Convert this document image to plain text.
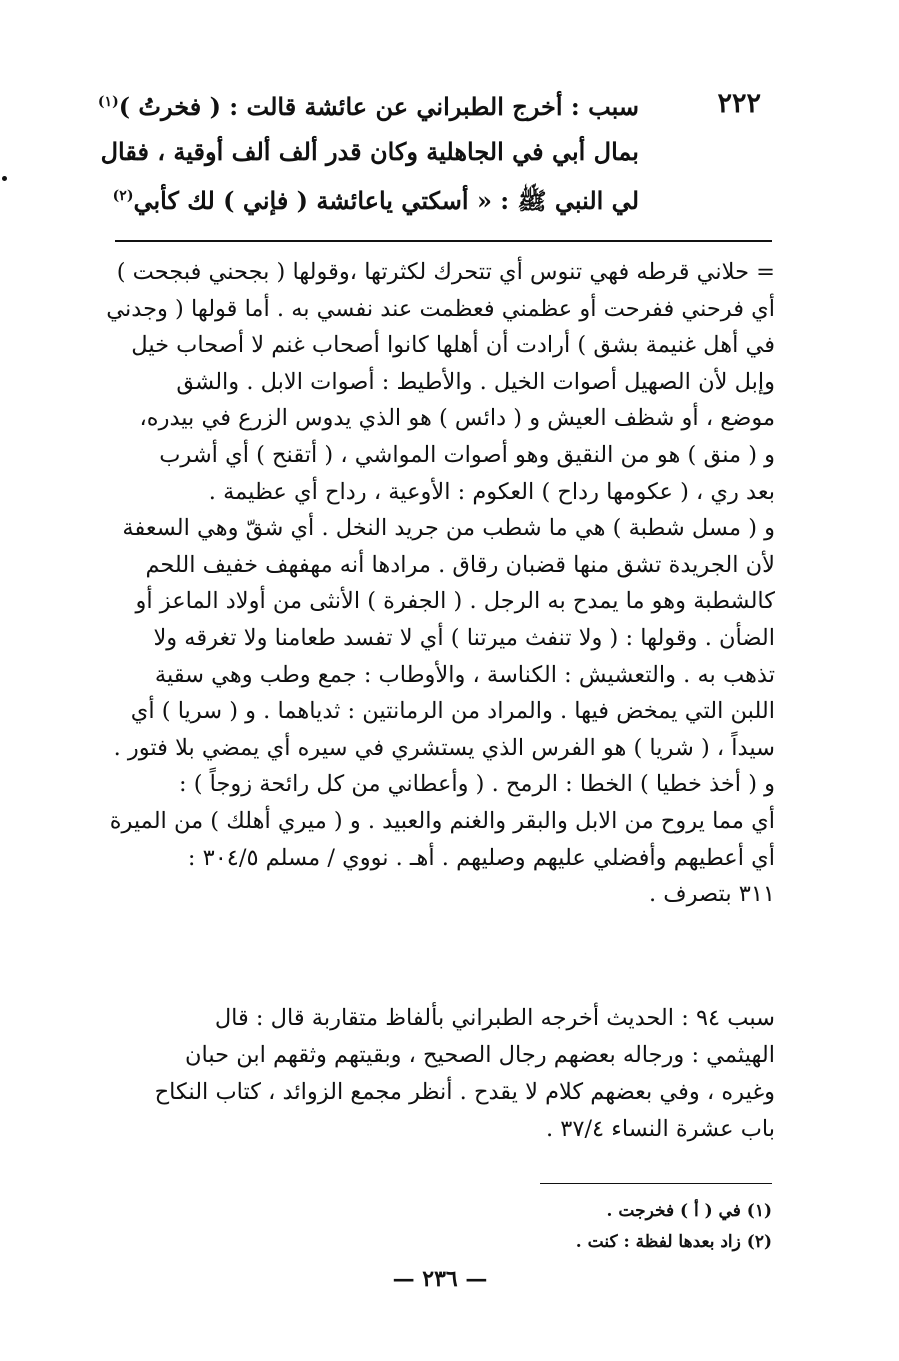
٢٢٢
سبب : أخرج الطبراني عن عائشة قالت : ( فخرتُ )$^{(١)}$
بمال أبي في الجاهلية وكان قدر ألف ألف أوقية ، فقال
لي النبي ﷺ : « أسكتي ياعائشة ( فإني ) لك كأبي$^{(٢)}$
= حلاني قرطه فهي تنوس أي تتحرك لكثرتها ،وقولها ( بجحني فبجحت )
أي فرحني ففرحت أو عظمني فعظمت عند نفسي به . أما قولها ( وجدني
في أهل غنيمة بشق ) أرادت أن أهلها كانوا أصحاب غنم لا أصحاب خيل
وإبل لأن الصهيل أصوات الخيل . والأطيط : أصوات الابل . والشق
موضع ، أو شظف العيش و ( دائس ) هو الذي يدوس الزرع في بيدره،
و ( منق ) هو من النقيق وهو أصوات المواشي ، ( أتقنح ) أي أشرب
بعد ري ، ( عكومها رداح ) العكوم : الأوعية ، رداح أي عظيمة .
و ( مسل شطبة ) هي ما شطب من جريد النخل . أي شقّ وهي السعفة
لأن الجريدة تشق منها قضبان رقاق . مرادها أنه مهفهف خفيف اللحم
كالشطبة وهو ما يمدح به الرجل . ( الجفرة ) الأنثى من أولاد الماعز أو
الضأن . وقولها : ( ولا تنفث ميرتنا ) أي لا تفسد طعامنا ولا تغرقه ولا
تذهب به . والتعشيش : الكناسة ، والأوطاب : جمع وطب وهي سقية
اللبن التي يمخض فيها . والمراد من الرمانتين : ثدياهما . و ( سريا ) أي
سيداً ، ( شريا ) هو الفرس الذي يستشري في سيره أي يمضي بلا فتور .
و ( أخذ خطيا ) الخطا : الرمح . ( وأعطاني من كل رائحة زوجاً ) :
أي مما يروح من الابل والبقر والغنم والعبيد . و ( ميري أهلك ) من الميرة
أي أعطيهم وأفضلي عليهم وصليهم . أهـ . نووي / مسلم ٣٠٤/٥ :
٣١١ بتصرف .
سبب ٩٤ : الحديث أخرجه الطبراني بألفاظ متقاربة قال : قال
الهيثمي : ورجاله بعضهم رجال الصحيح ، وبقيتهم وثقهم ابن حبان
وغيره ، وفي بعضهم كلام لا يقدح . أنظر مجمع الزوائد ، كتاب النكاح
باب عشرة النساء ٣٧/٤ .
(١) في ( أ ) فخرجت .
(٢) زاد بعدها لفظة : كنت .
— ٢٣٦ —
